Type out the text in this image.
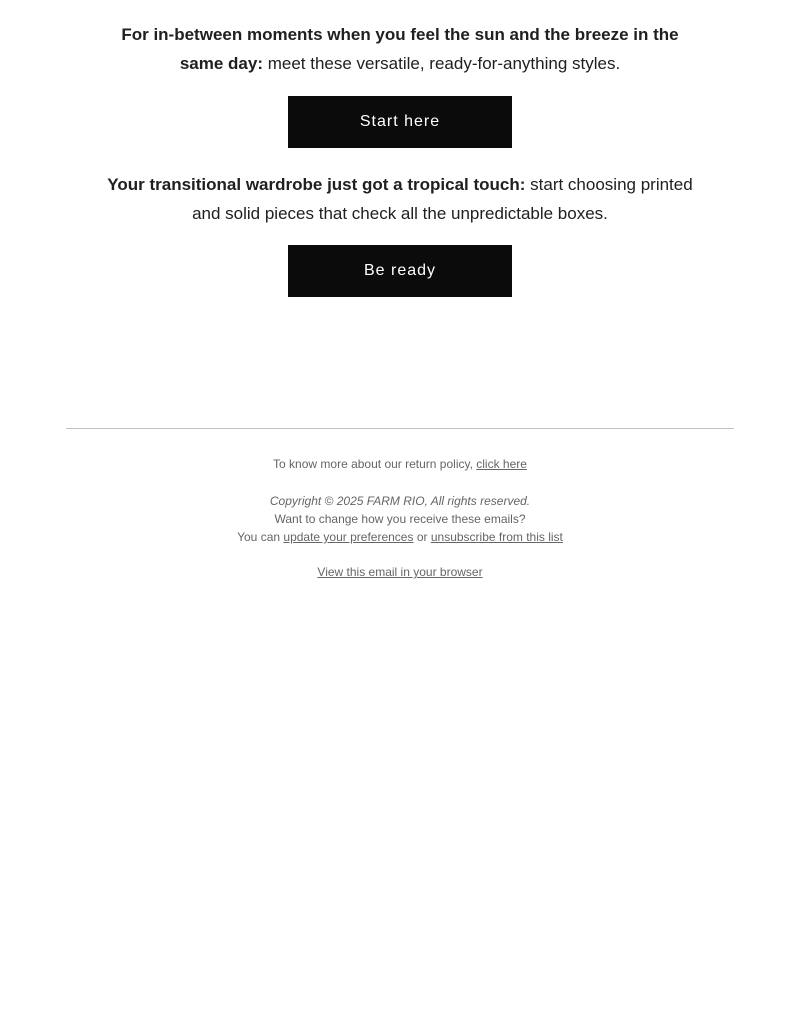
For in-between moments when you feel the sun and the breeze in the same day: meet these versatile, ready-for-anything styles.

Start here

Your transitional wardrobe just got a tropical touch: start choosing printed and solid pieces that check all the unpredictable boxes.

Be ready
To know more about our return policy, click here
Copyright © 2025 FARM RIO, All rights reserved.
Want to change how you receive these emails?
You can update your preferences or unsubscribe from this list
View this email in your browser
